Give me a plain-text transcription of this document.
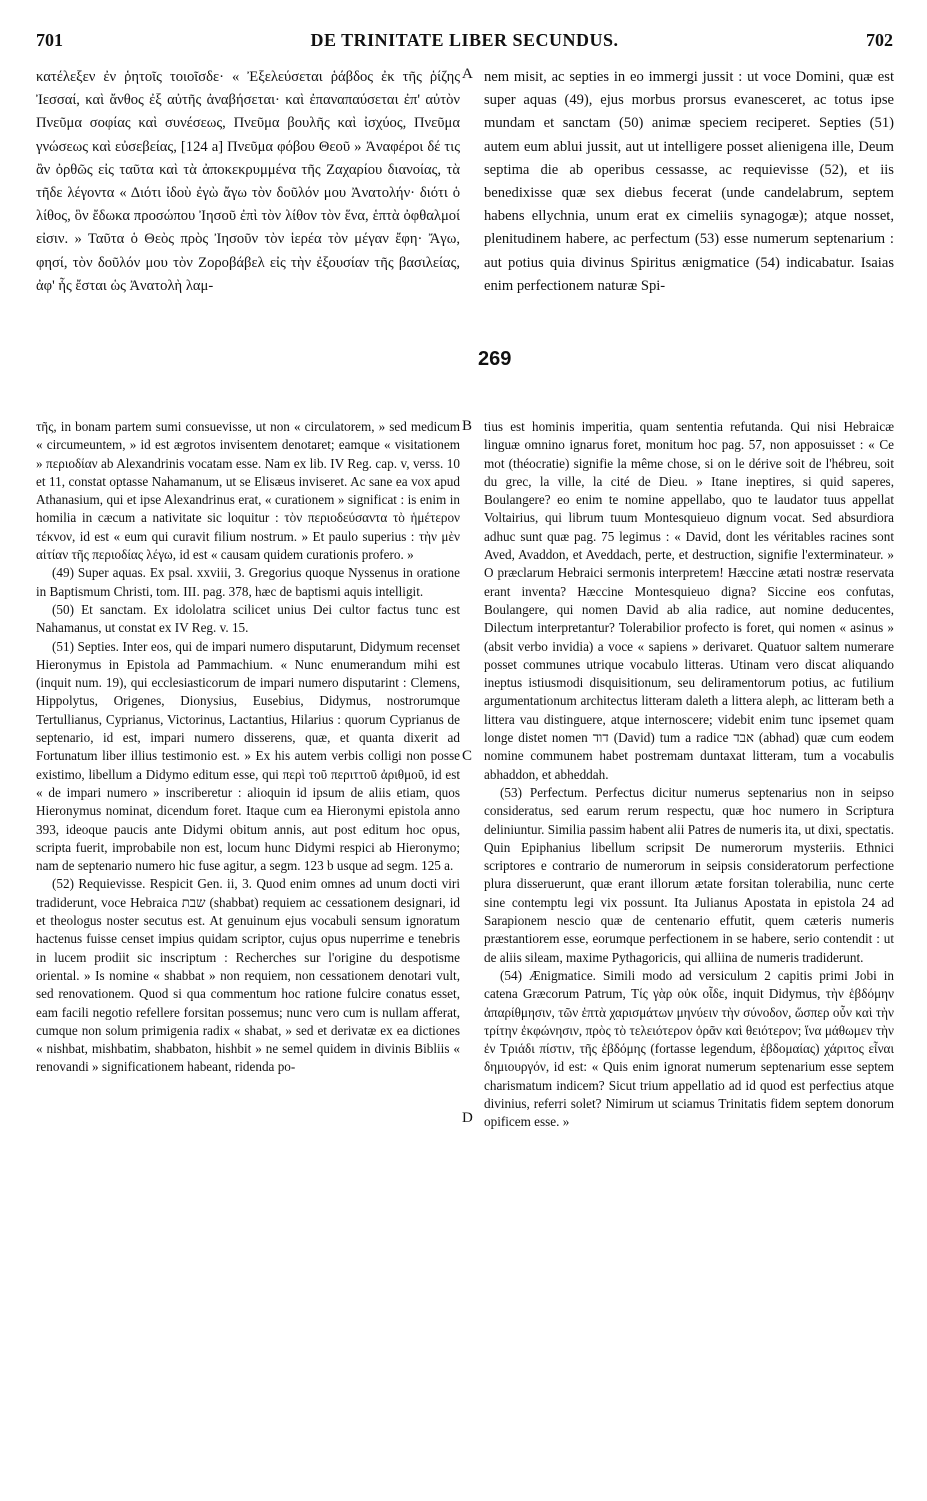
701	DE TRINITATE LIBER SECUNDUS.	702

κατέλεξεν ἐν ῥητοῖς τοιοῖσδε· « Ἐξελεύσεται ῥάβδος ἐκ τῆς ῥίζης Ἰεσσαί, καὶ ἄνθος ἐξ αὐτῆς ἀναβήσεται· καὶ ἐπαναπαύσεται ἐπ' αὐτὸν Πνεῦμα σοφίας καὶ συνέσεως, Πνεῦμα βουλῆς καὶ ἰσχύος, Πνεῦμα γνώσεως καὶ εὐσεβείας, [124 a] Πνεῦμα φόβου Θεοῦ » Ἀναφέροι δέ τις ἂν ὀρθῶς εἰς ταῦτα καὶ τὰ ἀποκεκρυμμένα τῆς Ζαχαρίου διανοίας, τὰ τῆδε λέγοντα « Διότι ἰδοὺ ἐγὼ ἄγω τὸν δοῦλόν μου Ἀνατολήν· διότι ὁ λίθος, ὃν ἔδωκα προσώπου Ἰησοῦ ἐπὶ τὸν λίθον τὸν ἕνα, ἑπτὰ ὀφθαλμοί εἰσιν. » Ταῦτα ὁ Θεὸς πρὸς Ἰησοῦν τὸν ἱερέα τὸν μέγαν ἔφη· Ἄγω, φησί, τὸν δοῦλόν μου τὸν Ζοροβάβελ εἰς τὴν ἐξουσίαν τῆς βασιλείας, ἀφ' ἧς ἔσται ὡς Ἀνατολὴ λαμ-

A nem misit, ac septies in eo immergi jussit : ut voce Domini, quæ est super aquas (49), ejus morbus prorsus evanesceret, ac totus ipse mundam et sanctam (50) animæ speciem reciperet. Septies (51) autem eum ablui jussit, aut ut intelligere posset alienigena ille, Deum septima die ab operibus cessasse, ac requievisse (52), et iis benedixisse quæ sex diebus fecerat (unde candelabrum, septem habens ellychnia, unum erat ex cimeliis synagogæ); atque nosset, plenitudinem habere, ac perfectum (53) esse numerum septenarium : aut potius quia divinus Spiritus ænigmatice (54) indicabatur. Isaias enim perfectionem naturæ Spi-

269

τῆς, in bonam partem sumi consuevisse, ut non « circulatorem, » sed medicum « circumeuntem, » id est ægrotos invisentem denotaret; eamque « visitationem » περιοδίαν ab Alexandrinis vocatam esse. Nam ex lib. IV Reg. cap. v, verss. 10 et 11, constat optasse Nahamanum, ut se Elisæus inviseret. Ac sane ea vox apud Athanasium, qui et ipse Alexandrinus erat, « curationem » significat : is enim in homilia in cæcum a nativitate sic loquitur : τὸν περιοδεύσαντα τὸ ἡμέτερον τέκνον, id est « eum qui curavit filium nostrum. » Et paulo superius : τὴν μὲν αἰτίαν τῆς περιοδίας λέγω, id est « causam quidem curationis profero. »

(49) Super aquas. Ex psal. xxviii, 3. Gregorius quoque Nyssenus in oratione in Baptismum Christi, tom. III. pag. 378, hæc de baptismi aquis intelligit.

(50) Et sanctam. Ex idololatra scilicet unius Dei cultor factus tunc est Nahamanus, ut constat ex IV Reg. v. 15.

(51) Septies. Inter eos, qui de impari numero disputarunt, Didymum recenset Hieronymus in Epistola ad Pammachium. « Nunc enumerandum mihi est (inquit num. 19), qui ecclesiasticorum de impari numero disputarint : Clemens, Hippolytus, Origenes, Dionysius, Eusebius, Didymus, nostrorumque Tertullianus, Cyprianus, Victorinus, Lactantius, Hilarius : quorum Cyprianus de septenario, id est, impari numero disserens, quæ, et quanta dixerit ad Fortunatum liber illius testimonio est. » Ex his autem verbis colligi non posse existimo, libellum a Didymo editum esse, qui περὶ τοῦ περιττοῦ ἀριθμοῦ, id est « de impari numero » inscriberetur : alioquin id ipsum de aliis etiam, quos Hieronymus nominat, dicendum foret. Itaque cum ea Hieronymi epistola anno 393, ideoque paucis ante Didymi obitum annis, aut post editum hoc opus, scripta fuerit, improbabile non est, locum hunc Didymi respici ab Hieronymo; nam de septenario numero hic fuse agitur, a segm. 123 b usque ad segm. 125 a.

(52) Requievisse. Respicit Gen. ii, 3. Quod enim omnes ad unum docti viri tradiderunt, voce Hebraica שבת (shabbat) requiem ac cessationem designari, id et theologus noster secutus est. At genuinum ejus vocabuli sensum ignoratum hactenus fuisse censet impius quidam scriptor, cujus opus nuperrime e tenebris in lucem prodiit sic inscriptum : Recherches sur l'origine du despotisme oriental. » Is nomine « shabbat » non requiem, non cessationem denotari vult, sed renovationem. Quod si qua commentum hoc ratione fulcire conatus esset, eam facili negotio refellere forsitan possemus; nunc vero cum is nullam afferat, cumque non solum primigenia radix « shabat, » sed et derivatæ ex ea dictiones « nishbat, mishbatim, shabbaton, hishbit » ne semel quidem in divinis Bibliis « renovandi » significationem habeant, ridenda po-

B
C
D

tius est hominis imperitia, quam sententia refutanda. Qui nisi Hebraicæ linguæ omnino ignarus foret, monitum hoc pag. 57, non apposuisset : « Ce mot (théocratie) signifie la même chose, si on le dérive soit de l'hébreu, soit du grec, la ville, la cité de Dieu. » Itane ineptires, si quid saperes, Boulangere? eo enim te nomine appellabo, quo te laudator tuus appellat Voltairius, qui librum tuum Montesquieuo dignum vocat. Sed absurdiora adhuc sunt quæ pag. 75 legimus : « David, dont les véritables racines sont Aved, Avaddon, et Aveddach, perte, et destruction, signifie l'exterminateur. » O præclarum Hebraici sermonis interpretem! Hæccine ætati nostræ reservata erant inventa? Hæccine Montesquieuo digna? Siccine eos confutas, Boulangere, qui nomen David ab alia radice, aut nomine deducentes, Dilectum interpretantur? Tolerabilior profecto is foret, qui nomen « asinus » (absit verbo invidia) a voce « sapiens » derivaret. Quatuor saltem numerare posset communes utrique vocabulo litteras. Utinam vero discat aliquando ineptus istiusmodi disquisitionum, seu deliramentorum potius, ac futilium argumentationum architectus litteram daleth a littera aleph, ac litteram beth a littera vau distinguere, atque internoscere; videbit enim tunc ipsemet quam longe distet nomen דוד (David) tum a radice אבד (abhad) quæ cum eodem nomine communem habet postremam duntaxat litteram, tum a vocabulis abhaddon, et abheddah.

(53) Perfectum. Perfectus dicitur numerus septenarius non in seipso consideratus, sed earum rerum respectu, quæ hoc numero in Scriptura deliniuntur. Similia passim habent alii Patres de numeris ita, ut dixi, spectatis. Quin Epiphanius libellum scripsit De numerorum mysteriis. Ethnici scriptores e contrario de numerorum in seipsis consideratorum perfectione plura disseruerunt, quæ erant illorum ætate forsitan tolerabilia, nunc certe sine contemptu legi vix possunt. Ita Julianus Apostata in epistola 24 ad Sarapionem nescio quæ de centenario effutit, quem cæteris numeris præstantiorem esse, eorumque perfectionem in se habere, serio contendit : ut de aliis sileam, maxime Pythagoricis, qui alliina de numeris tradiderunt.

(54) Ænigmatice. Simili modo ad versiculum 2 capitis primi Jobi in catena Græcorum Patrum, Τίς γὰρ οὐκ οἶδε, inquit Didymus, τὴν ἑβδόμην ἀπαρίθμησιν, τῶν ἑπτὰ χαρισμάτων μηνύειν τὴν σύνοδον, ὥσπερ οὖν καὶ τὴν τρίτην ἐκφώνησιν, πρὸς τὸ τελειότερον ὁρᾶν καὶ θειότερον; ἵνα μάθωμεν τὴν ἐν Τριάδι πίστιν, τῆς ἑβδόμης (fortasse legendum, ἑβδομαίας) χάριτος εἶναι δημιουργόν, id est: « Quis enim ignorat numerum septenarium esse septem charismatum indicem? Sicut trium appellatio ad id quod est perfectius atque divinius, referri solet? Nimirum ut sciamus Trinitatis fidem septem donorum opificem esse. »
